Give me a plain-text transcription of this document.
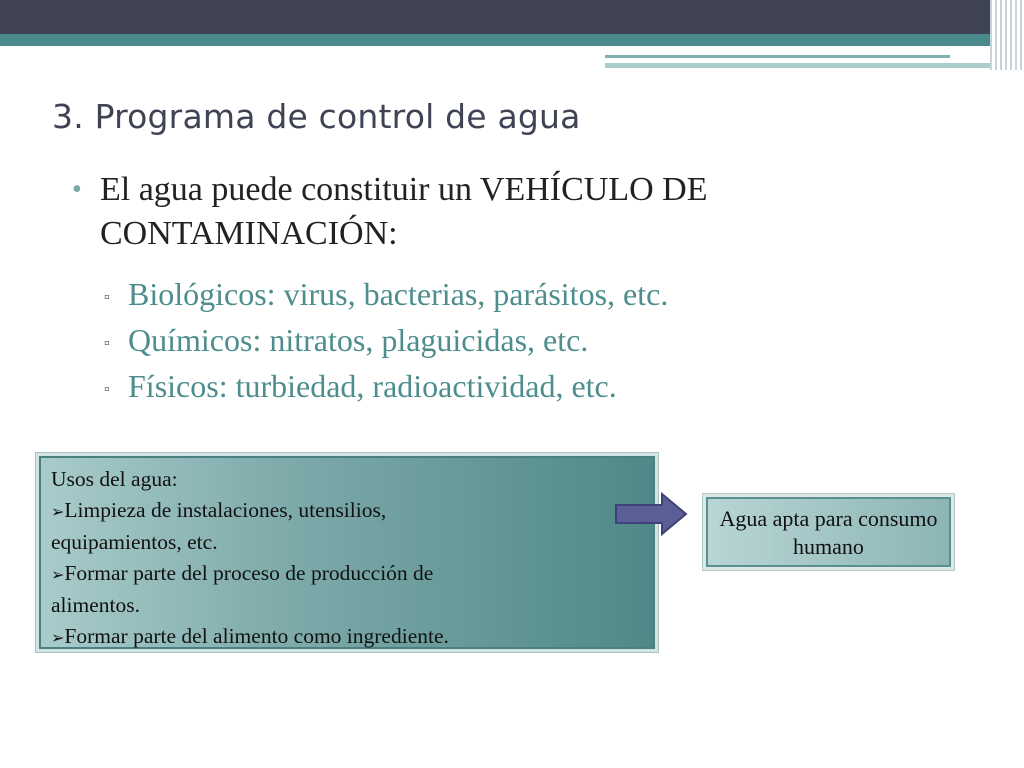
3. Programa de control de agua
• El agua puede constituir un VEHÍCULO DE CONTAMINACIÓN:
▫ Biológicos: virus, bacterias, parásitos, etc.
▫ Químicos: nitratos, plaguicidas, etc.
▫ Físicos: turbiedad, radioactividad, etc.
Usos del agua:
➢Limpieza de instalaciones, utensilios,
equipamientos, etc.
➢Formar parte del proceso de producción de
alimentos.
➢Formar parte del alimento como ingrediente.
Agua apta para consumo humano
